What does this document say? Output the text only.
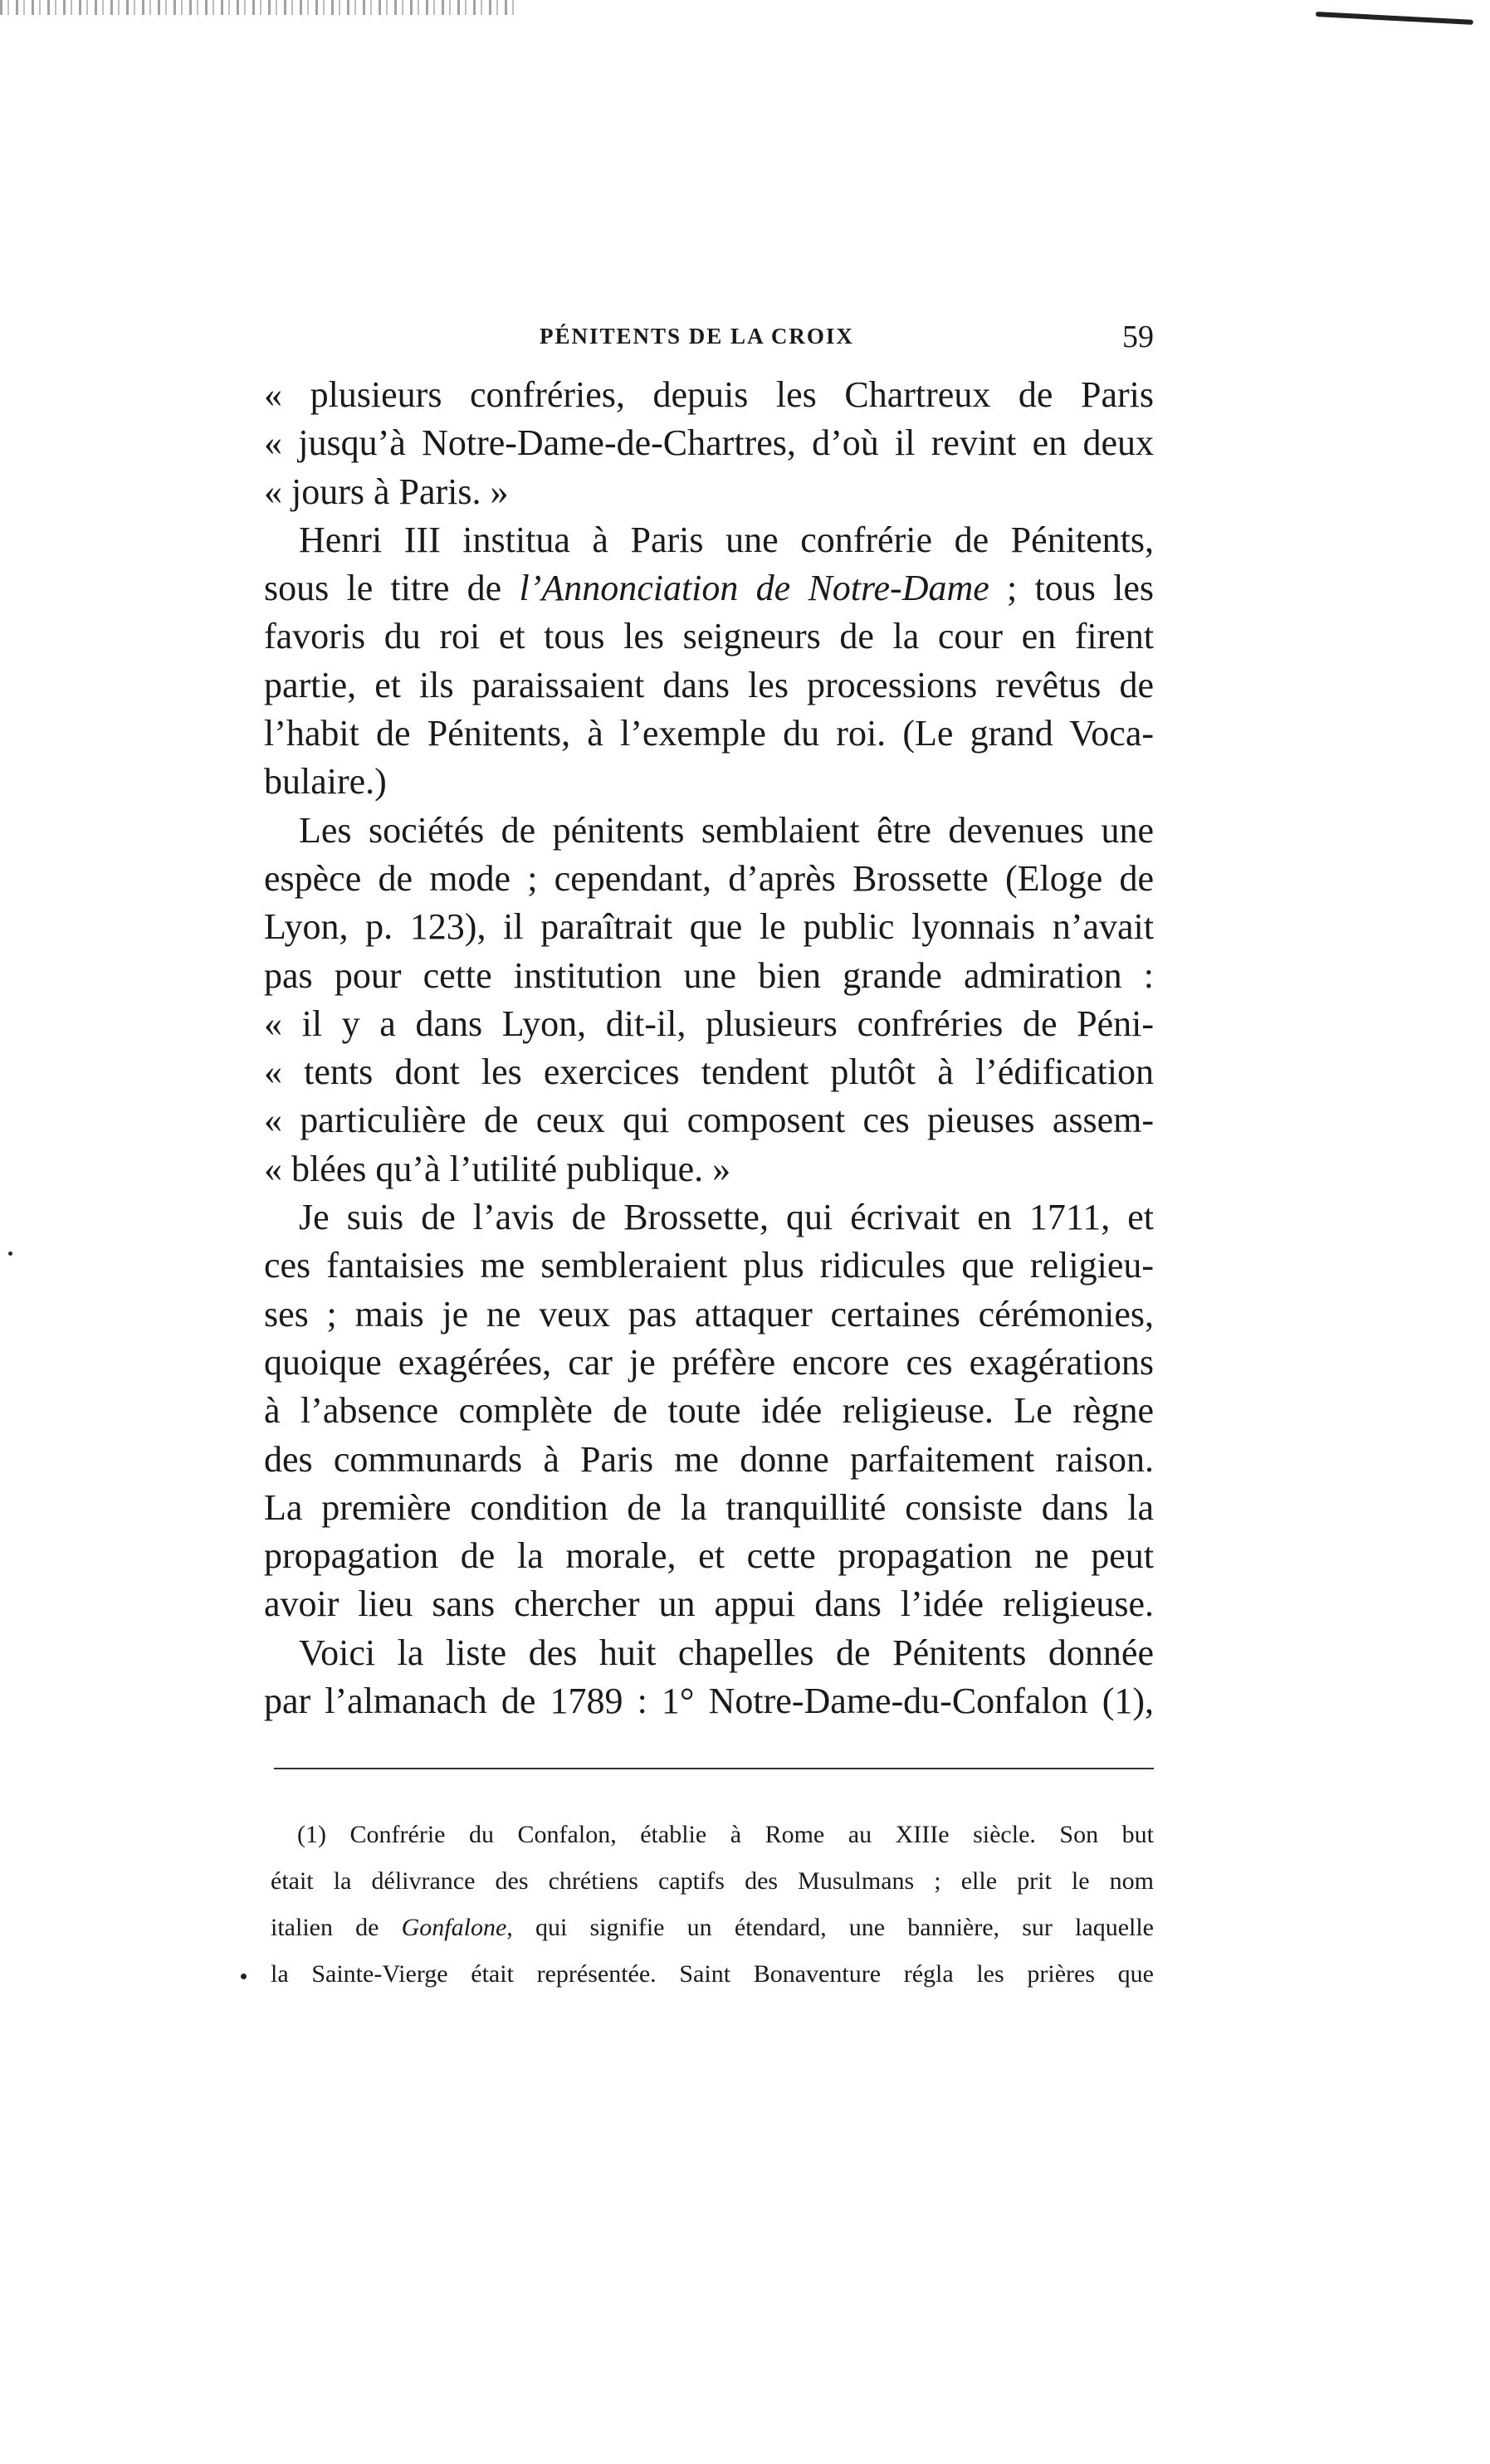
PÉNITENTS DE LA CROIX	59
« plusieurs confréries, depuis les Chartreux de Paris
« jusqu’à Notre-Dame-de-Chartres, d’où il revint en deux
« jours à Paris. »
Henri III institua à Paris une confrérie de Pénitents,
sous le titre de l’Annonciation de Notre-Dame ; tous les
favoris du roi et tous les seigneurs de la cour en firent
partie, et ils paraissaient dans les processions revêtus de
l’habit de Pénitents, à l’exemple du roi. (Le grand Voca-
bulaire.)
Les sociétés de pénitents semblaient être devenues une
espèce de mode ; cependant, d’après Brossette (Eloge de
Lyon, p. 123), il paraîtrait que le public lyonnais n’avait
pas pour cette institution une bien grande admiration :
« il y a dans Lyon, dit-il, plusieurs confréries de Péni-
« tents dont les exercices tendent plutôt à l’édification
« particulière de ceux qui composent ces pieuses assem-
« blées qu’à l’utilité publique. »
Je suis de l’avis de Brossette, qui écrivait en 1711, et
ces fantaisies me sembleraient plus ridicules que religieu-
ses ; mais je ne veux pas attaquer certaines cérémonies,
quoique exagérées, car je préfère encore ces exagérations
à l’absence complète de toute idée religieuse. Le règne
des communards à Paris me donne parfaitement raison.
La première condition de la tranquillité consiste dans la
propagation de la morale, et cette propagation ne peut
avoir lieu sans chercher un appui dans l’idée religieuse.
Voici la liste des huit chapelles de Pénitents donnée
par l’almanach de 1789 : 1° Notre-Dame-du-Confalon (1),
(1) Confrérie du Confalon, établie à Rome au XIIIe siècle. Son but
était la délivrance des chrétiens captifs des Musulmans ; elle prit le nom
italien de Gonfalone, qui signifie un étendard, une bannière, sur laquelle
la Sainte-Vierge était représentée. Saint Bonaventure régla les prières que
